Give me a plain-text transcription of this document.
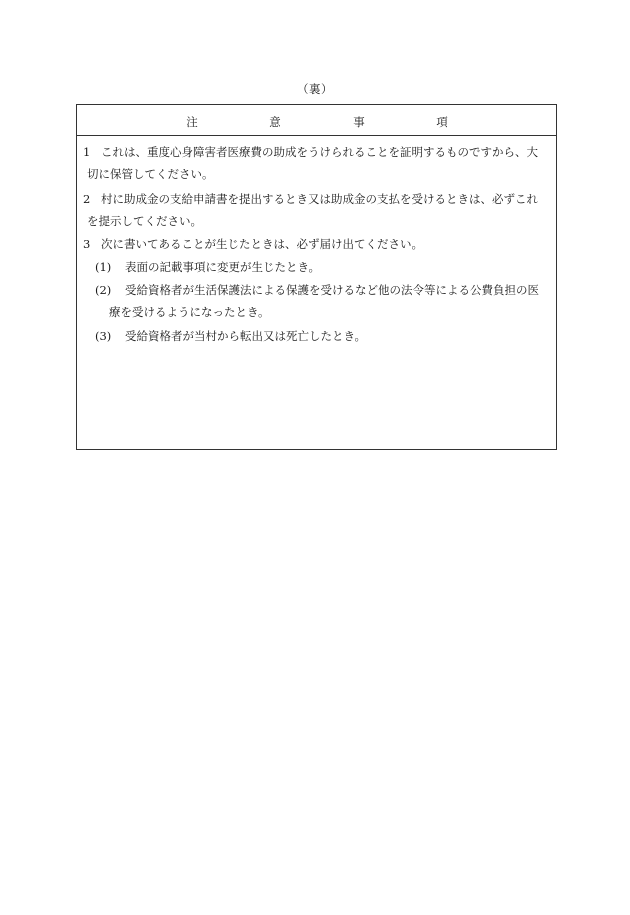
（裏）
注	意	事	項
1 これは、重度心身障害者医療費の助成をうけられることを証明するものですから、大
切に保管してください。
2 村に助成金の支給申請書を提出するとき又は助成金の支払を受けるときは、必ずこれ
を提示してください。
3 次に書いてあることが生じたときは、必ず届け出てください。
(1) 表面の記載事項に変更が生じたとき。
(2) 受給資格者が生活保護法による保護を受けるなど他の法令等による公費負担の医
療を受けるようになったとき。
(3) 受給資格者が当村から転出又は死亡したとき。
